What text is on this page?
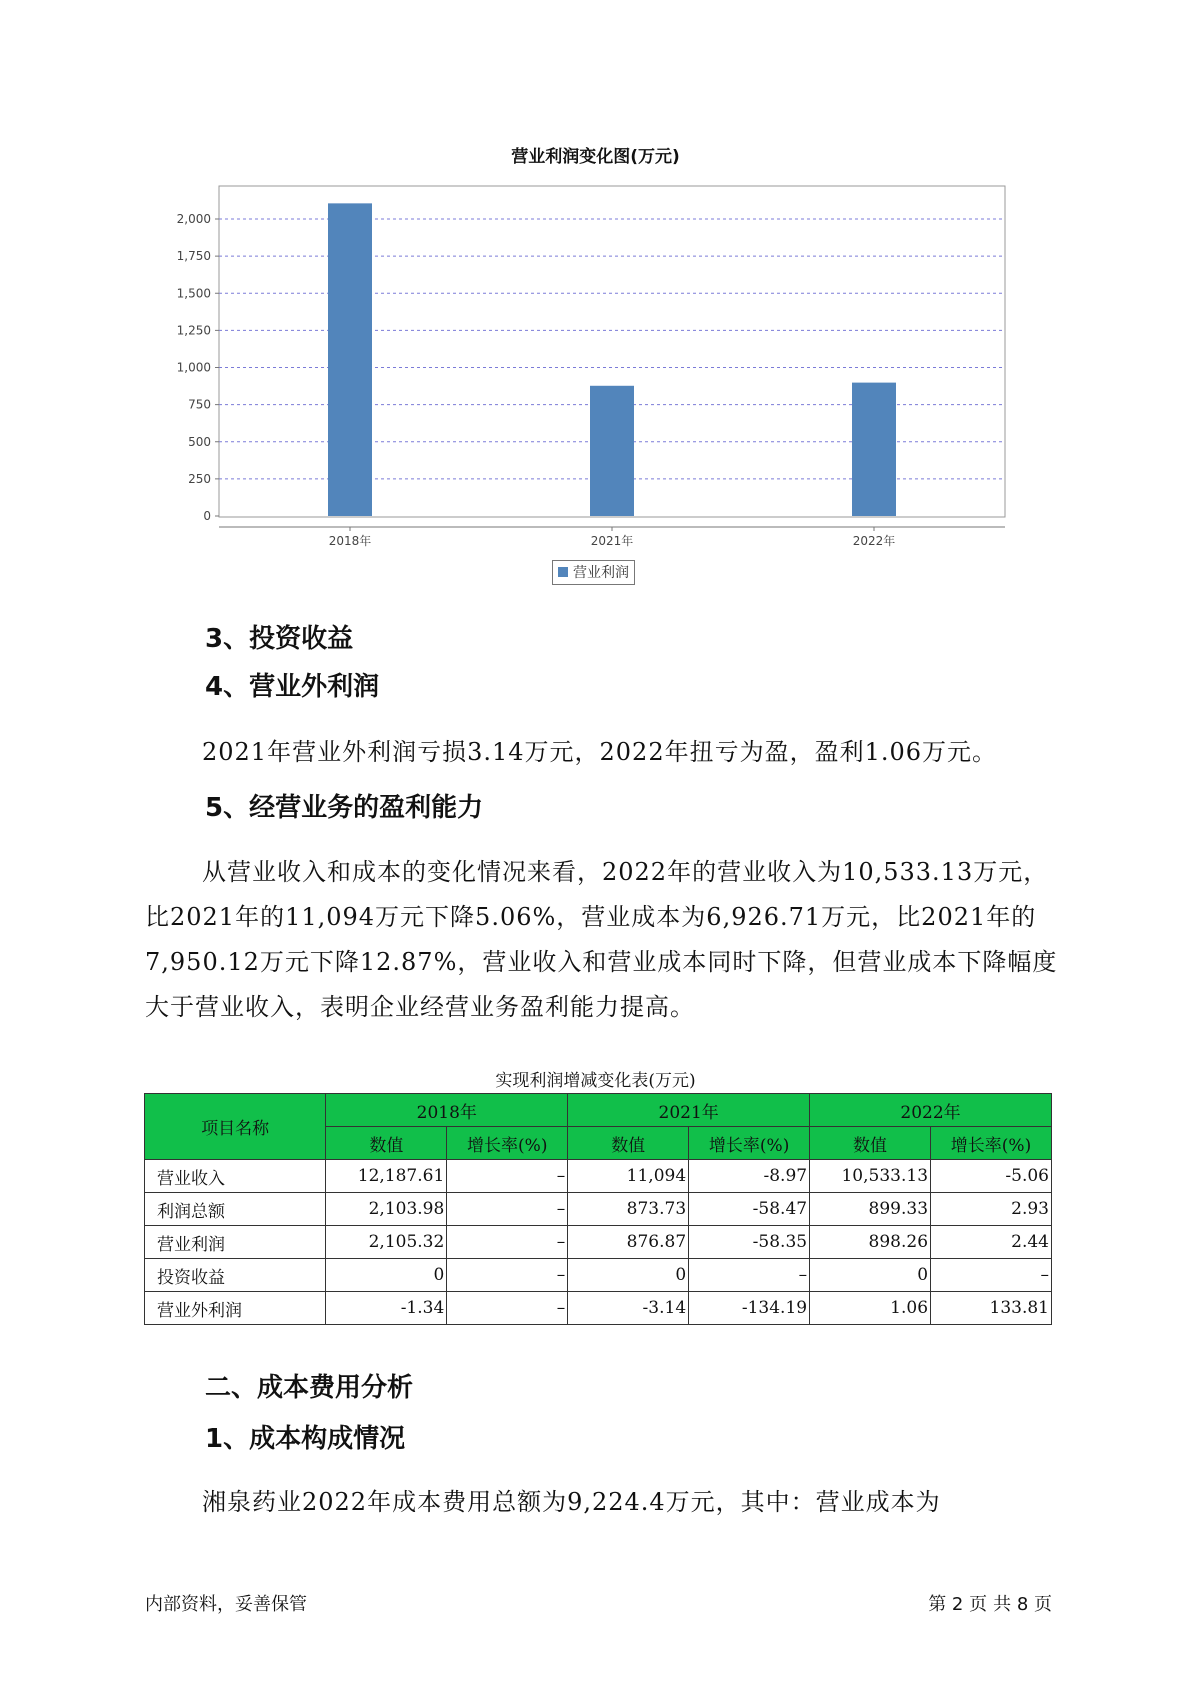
营业利润变化图(万元)
0
250
500
750
1,000
1,250
1,500
1,750
2,000
2018年	2021年	2022年
营业利润
3、投资收益
4、营业外利润

2021年营业外利润亏损3.14万元，2022年扭亏为盈，盈利1.06万元。

5、经营业务的盈利能力

从营业收入和成本的变化情况来看，2022年的营业收入为10,533.13万元，比2021年的11,094万元下降5.06%，营业成本为6,926.71万元，比2021年的7,950.12万元下降12.87%，营业收入和营业成本同时下降，但营业成本下降幅度大于营业收入，表明企业经营业务盈利能力提高。

实现利润增减变化表(万元)
项目名称	2018年		2021年		2022年	
	数值	增长率(%)	数值	增长率(%)	数值	增长率(%)
营业收入	12,187.61	–	11,094	-8.97	10,533.13	-5.06
利润总额	2,103.98	–	873.73	-58.47	899.33	2.93
营业利润	2,105.32	–	876.87	-58.35	898.26	2.44
投资收益	0	–	0	–	0	–
营业外利润	-1.34	–	-3.14	-134.19	1.06	133.81
二、成本费用分析
1、成本构成情况

湘泉药业2022年成本费用总额为9,224.4万元，其中：营业成本为

内部资料，妥善保管	第 2 页 共 8 页
